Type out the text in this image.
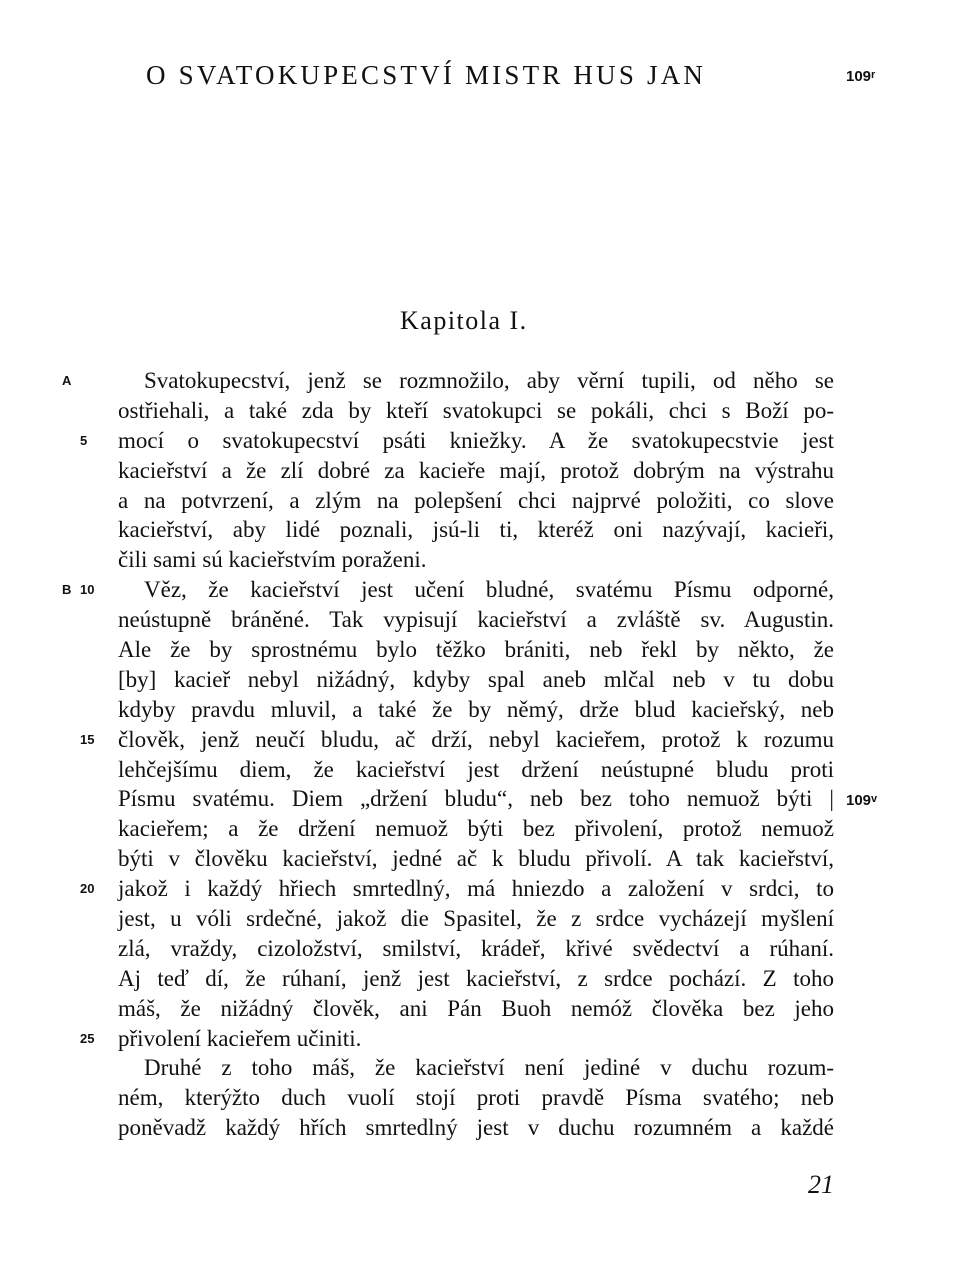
O SVATOKUPECSTVÍ MISTR HUS JAN	109$^r$
Kapitola I.
A	Svatokupecství, jenž se rozmnožilo, aby věrní tupili, od něho se
ostřiehali, a také zda by kteří svatokupci se pokáli, chci s Boží po-
5	mocí o svatokupecství psáti kniežky. A že svatokupecstvie jest
kacieřství a že zlí dobré za kacieře mají, protož dobrým na výstrahu
a na potvrzení, a zlým na polepšení chci najprvé položiti, co slove
kacieřství, aby lidé poznali, jsú-li ti, kteréž oni nazývají, kacieři,
čili sami sú kacieřstvím poraženi.
B 10	Věz, že kacieřství jest učení bludné, svatému Písmu odporné,
neústupně bráněné. Tak vypisují kacieřství a zvláště sv. Augustin.
Ale že by sprostnému bylo těžko brániti, neb řekl by někto, že
[by] kacieř nebyl nižádný, kdyby spal aneb mlčal neb v tu dobu
kdyby pravdu mluvil, a také že by němý, drže blud kacieřský, neb
15	člověk, jenž neučí bludu, ač drží, nebyl kacieřem, protož k rozumu
lehčejšímu diem, že kacieřství jest držení neústupné bludu proti
Písmu svatému. Diem „držení bludu“, neb bez toho nemuož býti |
kacieřem; a že držení nemuož býti bez přivolení, protož nemuož
býti v člověku kacieřství, jedné ač k bludu přivolí. A tak kacieřství,
20	jakož i každý hřiech smrtedlný, má hniezdo a založení v srdci, to
jest, u vóli srdečné, jakož die Spasitel, že z srdce vycházejí myšlení
zlá, vraždy, cizoložství, smilství, krádeř, křivé svědectví a rúhaní.
Aj teď dí, že rúhaní, jenž jest kacieřství, z srdce pochází. Z toho
máš, že nižádný člověk, ani Pán Buoh nemóž člověka bez jeho
25	přivolení kacieřem učiniti.
Druhé z toho máš, že kacieřství není jediné v duchu rozum-
ném, kterýžto duch vuolí stojí proti pravdě Písma svatého; neb
poněvadž každý hřích smrtedlný jest v duchu rozumném a každé
109$^v$
21
